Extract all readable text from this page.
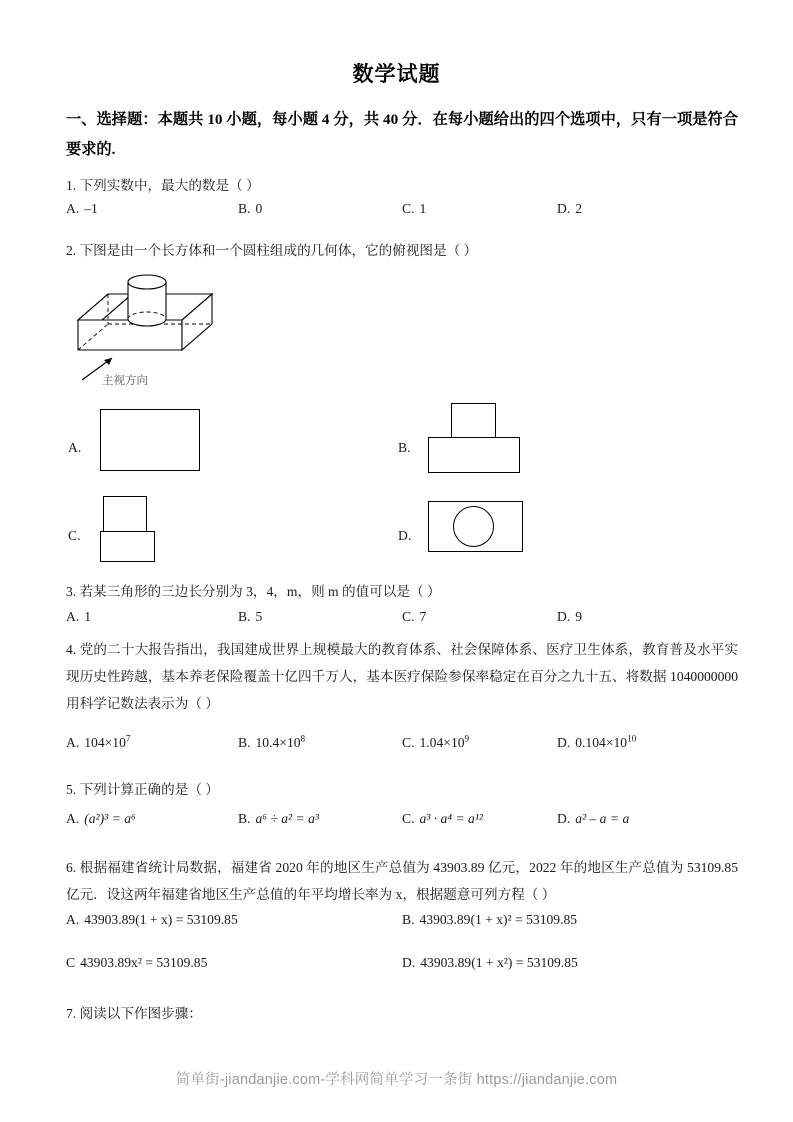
数学试题
一、选择题：本题共 10 小题，每小题 4 分，共 40 分．在每小题给出的四个选项中，只有一项是符合要求的.
1. 下列实数中，最大的数是（ ）
A. –1	B. 0	C. 1	D. 2
2. 下图是由一个长方体和一个圆柱组成的几何体，它的俯视图是（ ）
主视方向
A.	B.
C.	D.
3. 若某三角形的三边长分别为 3，4，m，则 m 的值可以是（ ）
A. 1	B. 5	C. 7	D. 9
4. 党的二十大报告指出，我国建成世界上规模最大的教育体系、社会保障体系、医疗卫生体系，教育普及水平实现历史性跨越，基本养老保险覆盖十亿四千万人，基本医疗保险参保率稳定在百分之九十五、将数据 1040000000 用科学记数法表示为（ ）
A. $104\times 10^7$	B. $10.4\times 10^8$	C. $1.04\times 10^9$	D. $0.104\times 10^{10}$
5. 下列计算正确的是（ ）
A. (a²)³ = a⁶	B. a⁶ ÷ a² = a³	C. a³ · a⁴ = a¹²	D. a² – a = a
6. 根据福建省统计局数据，福建省 2020 年的地区生产总值为 43903.89 亿元，2022 年的地区生产总值为 53109.85 亿元．设这两年福建省地区生产总值的年平均增长率为 x，根据题意可列方程（ ）
A. 43903.89(1 + x) = 53109.85	B. 43903.89(1 + x)² = 53109.85
C 43903.89x² = 53109.85	D. 43903.89(1 + x²) = 53109.85
7. 阅读以下作图步骤：
简单街-jiandanjie.com-学科网简单学习一条街 https://jiandanjie.com
